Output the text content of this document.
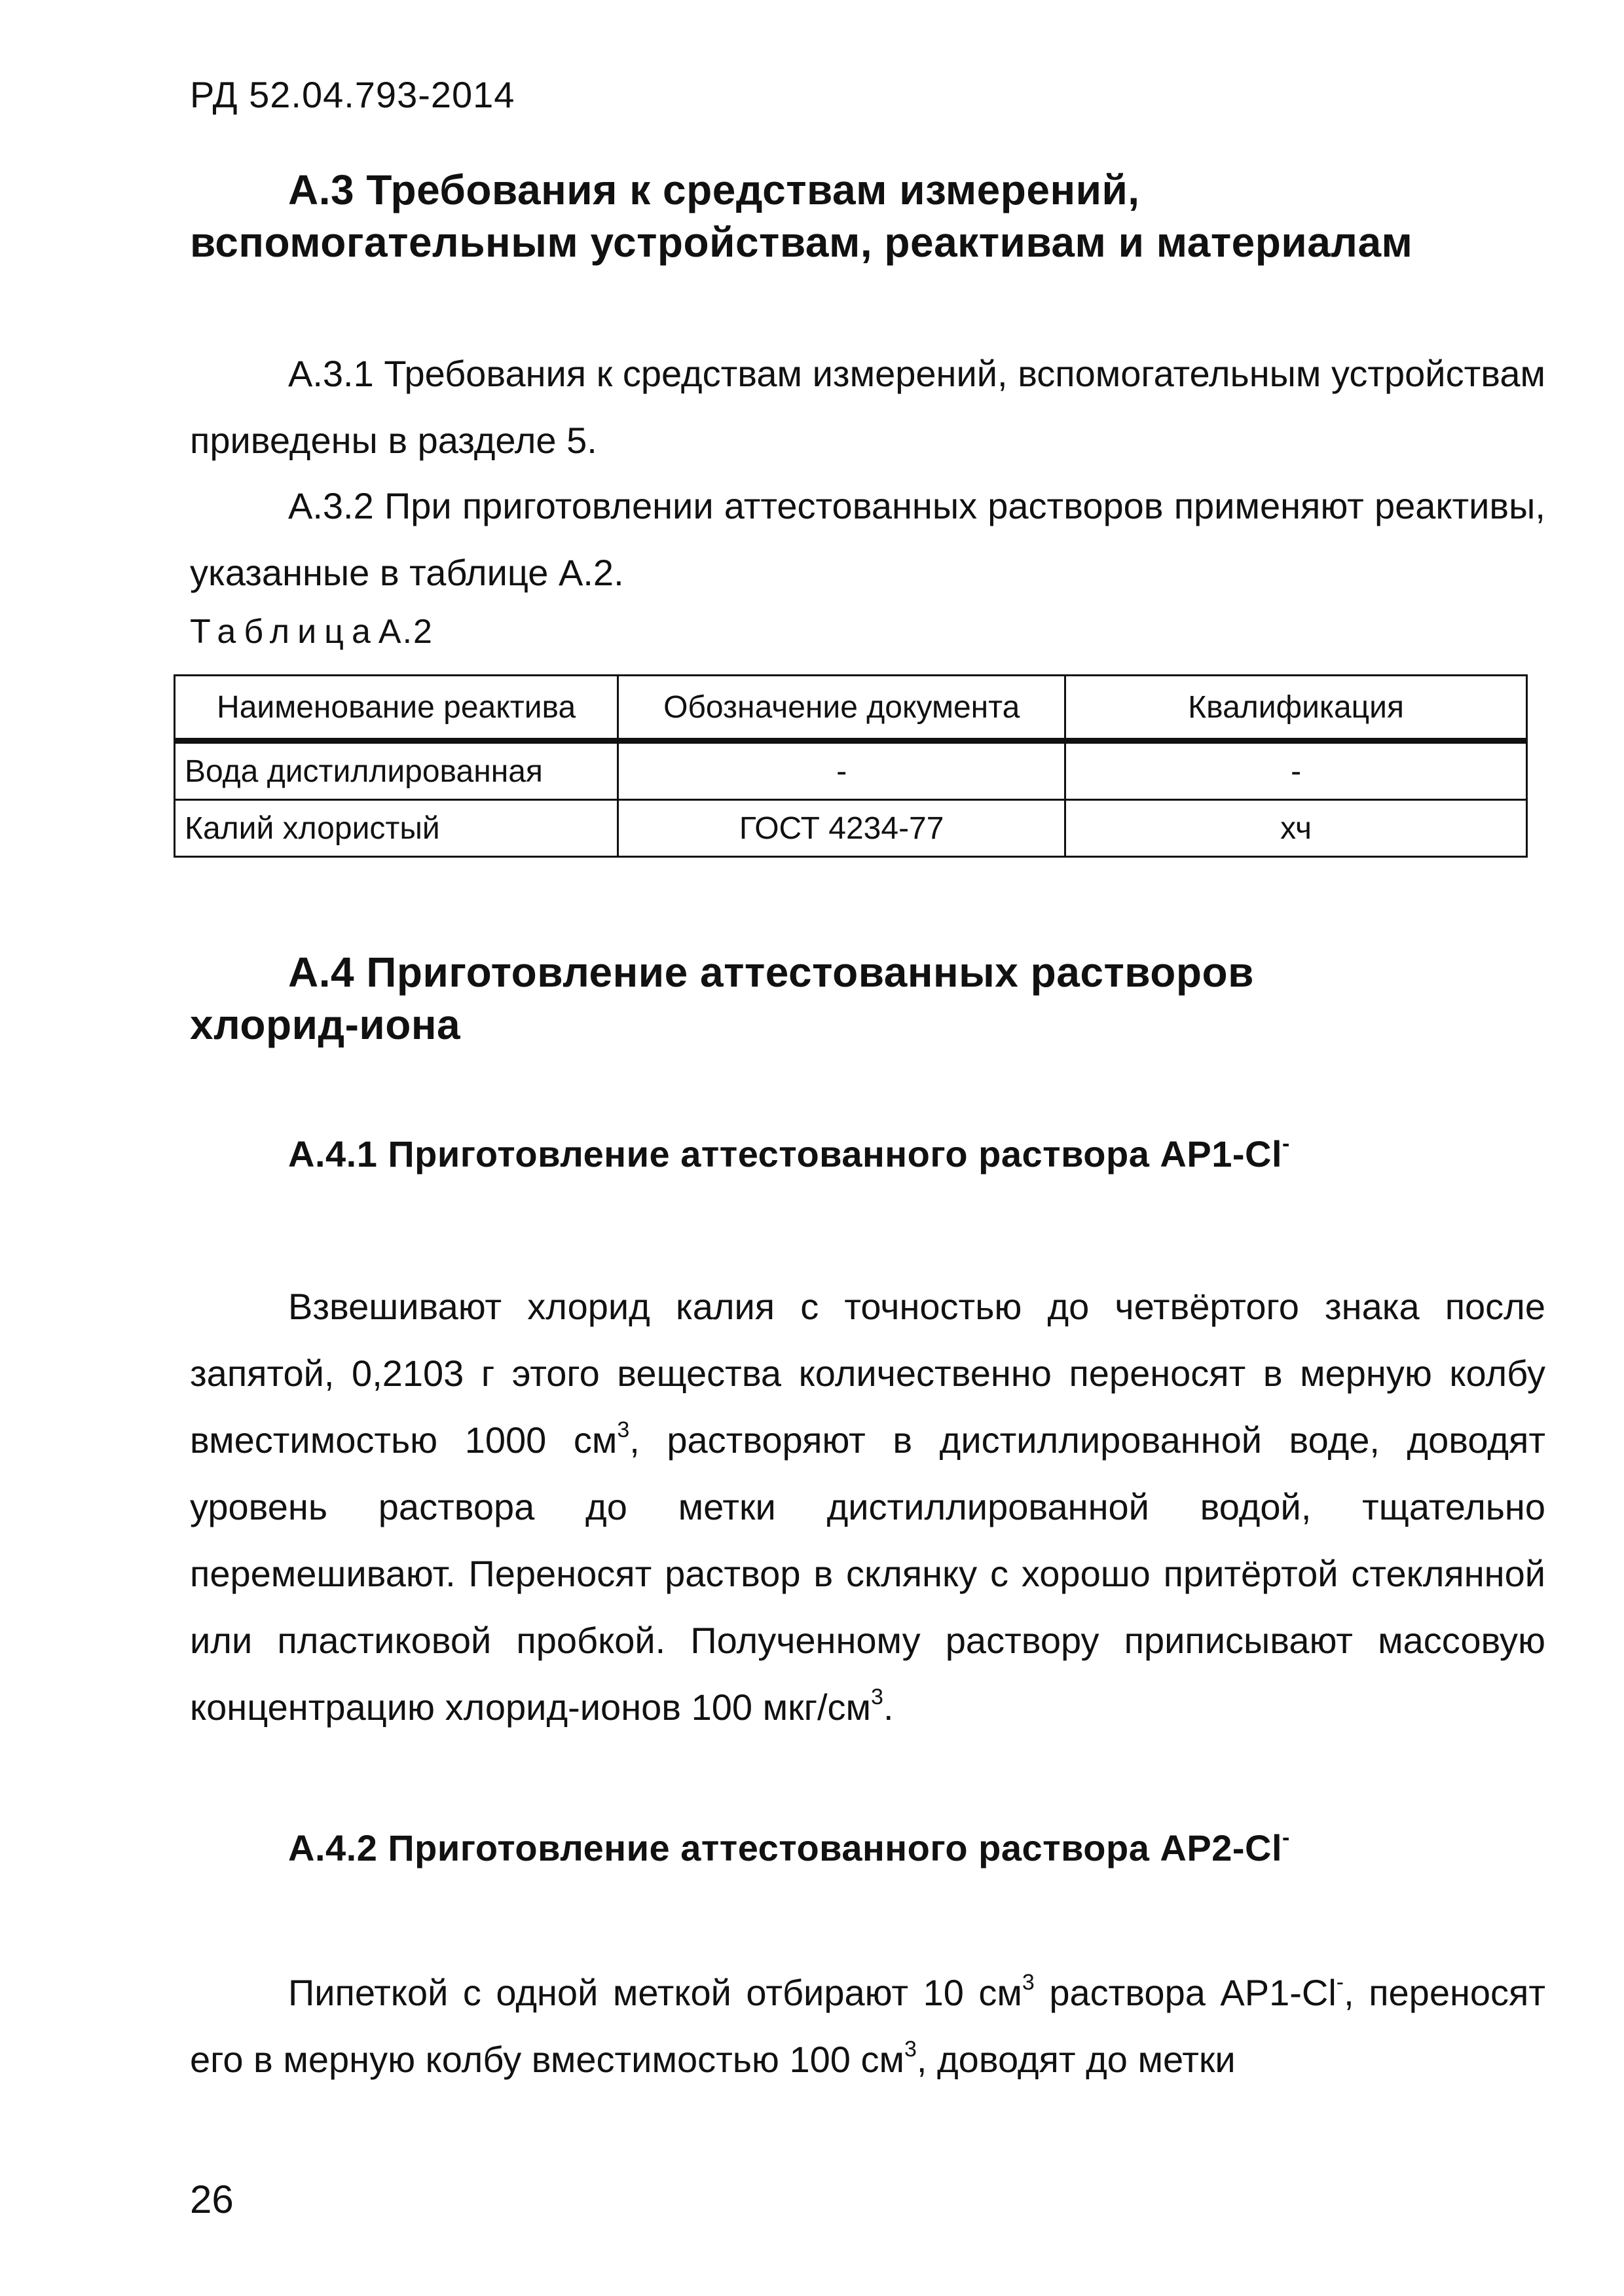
РД 52.04.793-2014
А.3 Требования к средствам измерений,
вспомогательным устройствам, реактивам и материалам
А.3.1 Требования к средствам измерений, вспомогательным устройствам приведены в разделе 5.
А.3.2 При приготовлении аттестованных растворов применяют реактивы, указанные в таблице А.2.
ТаблицаА.2
Наименование реактива	Обозначение документа	Квалификация
Вода дистиллированная	-	-
Калий хлористый	ГОСТ 4234-77	хч
А.4 Приготовление аттестованных растворов
хлорид-иона
А.4.1 Приготовление аттестованного раствора АР1-Cl-
Взвешивают хлорид калия с точностью до четвёртого знака после запятой, 0,2103 г этого вещества количественно переносят в мерную колбу вместимостью 1000 $см^3$, растворяют в дистиллированной воде, доводят уровень раствора до метки дистиллированной водой, тщательно перемешивают. Переносят раствор в склянку с хорошо притёртой стеклянной или пластиковой пробкой. Полученному раствору приписывают массовую концентрацию хлорид-ионов 100 мкг/$см^3$.
А.4.2 Приготовление аттестованного раствора АР2-Cl-
Пипеткой с одной меткой отбирают 10 $см^3$ раствора АР1-Cl-, переносят его в мерную колбу вместимостью 100 $см^3$, доводят до метки
26
